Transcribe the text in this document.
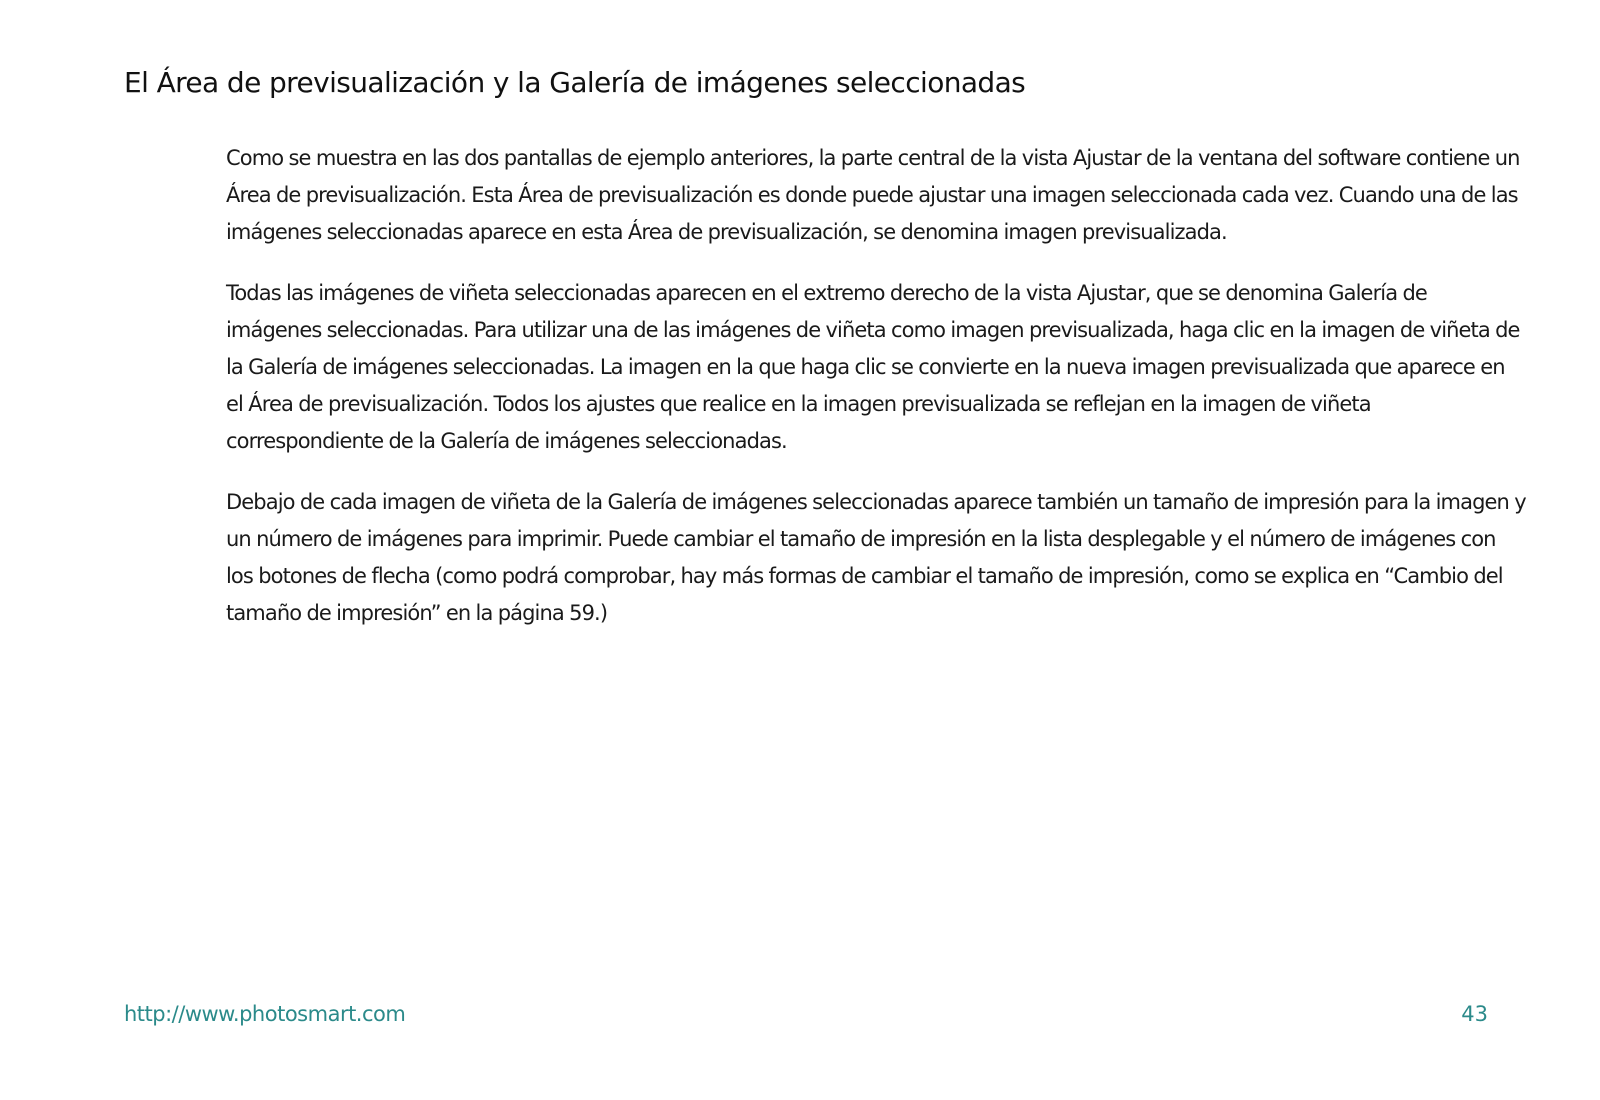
El Área de previsualización y la Galería de imágenes seleccionadas

Como se muestra en las dos pantallas de ejemplo anteriores, la parte central de la vista Ajustar de la ventana del software contiene un Área de previsualización. Esta Área de previsualización es donde puede ajustar una imagen seleccionada cada vez. Cuando una de las imágenes seleccionadas aparece en esta Área de previsualización, se denomina imagen previsualizada.

Todas las imágenes de viñeta seleccionadas aparecen en el extremo derecho de la vista Ajustar, que se denomina Galería de imágenes seleccionadas. Para utilizar una de las imágenes de viñeta como imagen previsualizada, haga clic en la imagen de viñeta de la Galería de imágenes seleccionadas. La imagen en la que haga clic se convierte en la nueva imagen previsualizada que aparece en el Área de previsualización. Todos los ajustes que realice en la imagen previsualizada se reflejan en la imagen de viñeta correspondiente de la Galería de imágenes seleccionadas.

Debajo de cada imagen de viñeta de la Galería de imágenes seleccionadas aparece también un tamaño de impresión para la imagen y un número de imágenes para imprimir. Puede cambiar el tamaño de impresión en la lista desplegable y el número de imágenes con los botones de flecha (como podrá comprobar, hay más formas de cambiar el tamaño de impresión, como se explica en “Cambio del tamaño de impresión” en la página 59.)

http://www.photosmart.com	43
